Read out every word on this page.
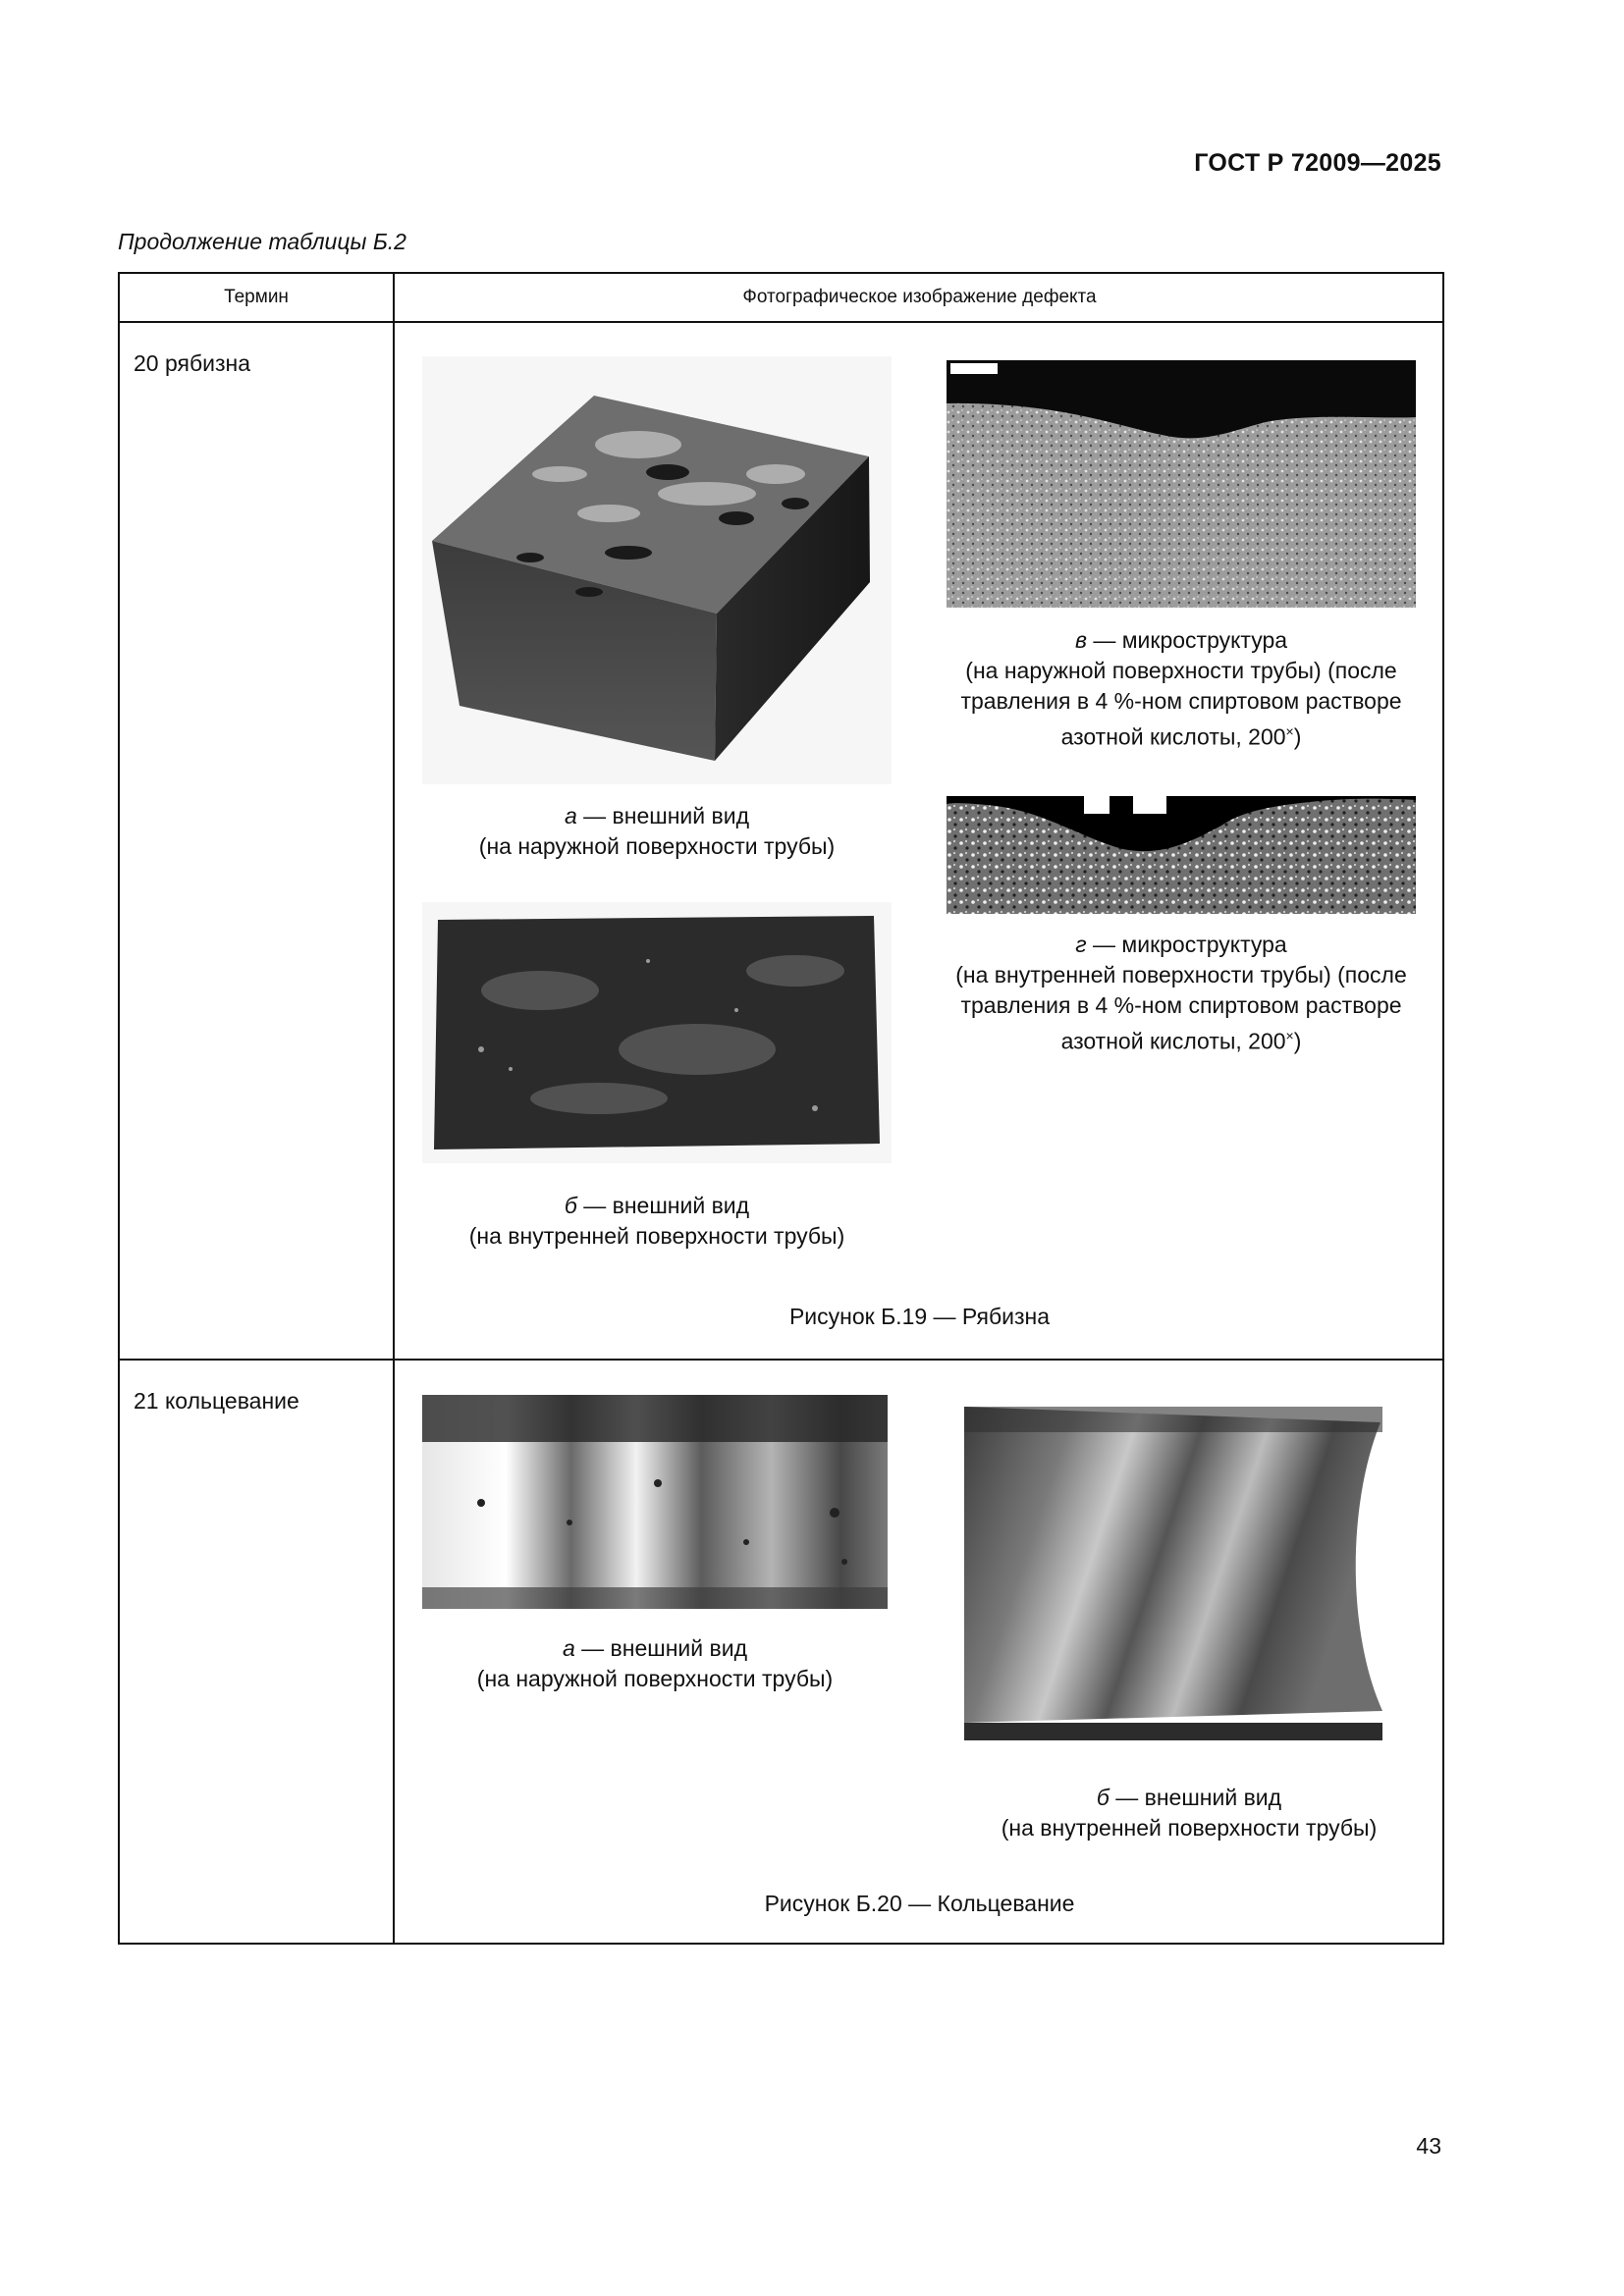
ГОСТ Р 72009—2025
Продолжение таблицы Б.2
Термин	Фотографическое изображение дефекта
20 рябизна
а — внешний вид
(на наружной поверхности трубы)
б — внешний вид
(на внутренней поверхности трубы)
в — микроструктура
(на наружной поверхности трубы) (после
травления в 4 %-ном спиртовом растворе
азотной кислоты, 200×)
г — микроструктура
(на внутренней поверхности трубы) (после
травления в 4 %-ном спиртовом растворе
азотной кислоты, 200×)
Рисунок Б.19 — Рябизна
21 кольцевание
а — внешний вид
(на наружной поверхности трубы)
б — внешний вид
(на внутренней поверхности трубы)
Рисунок Б.20 — Кольцевание
43
